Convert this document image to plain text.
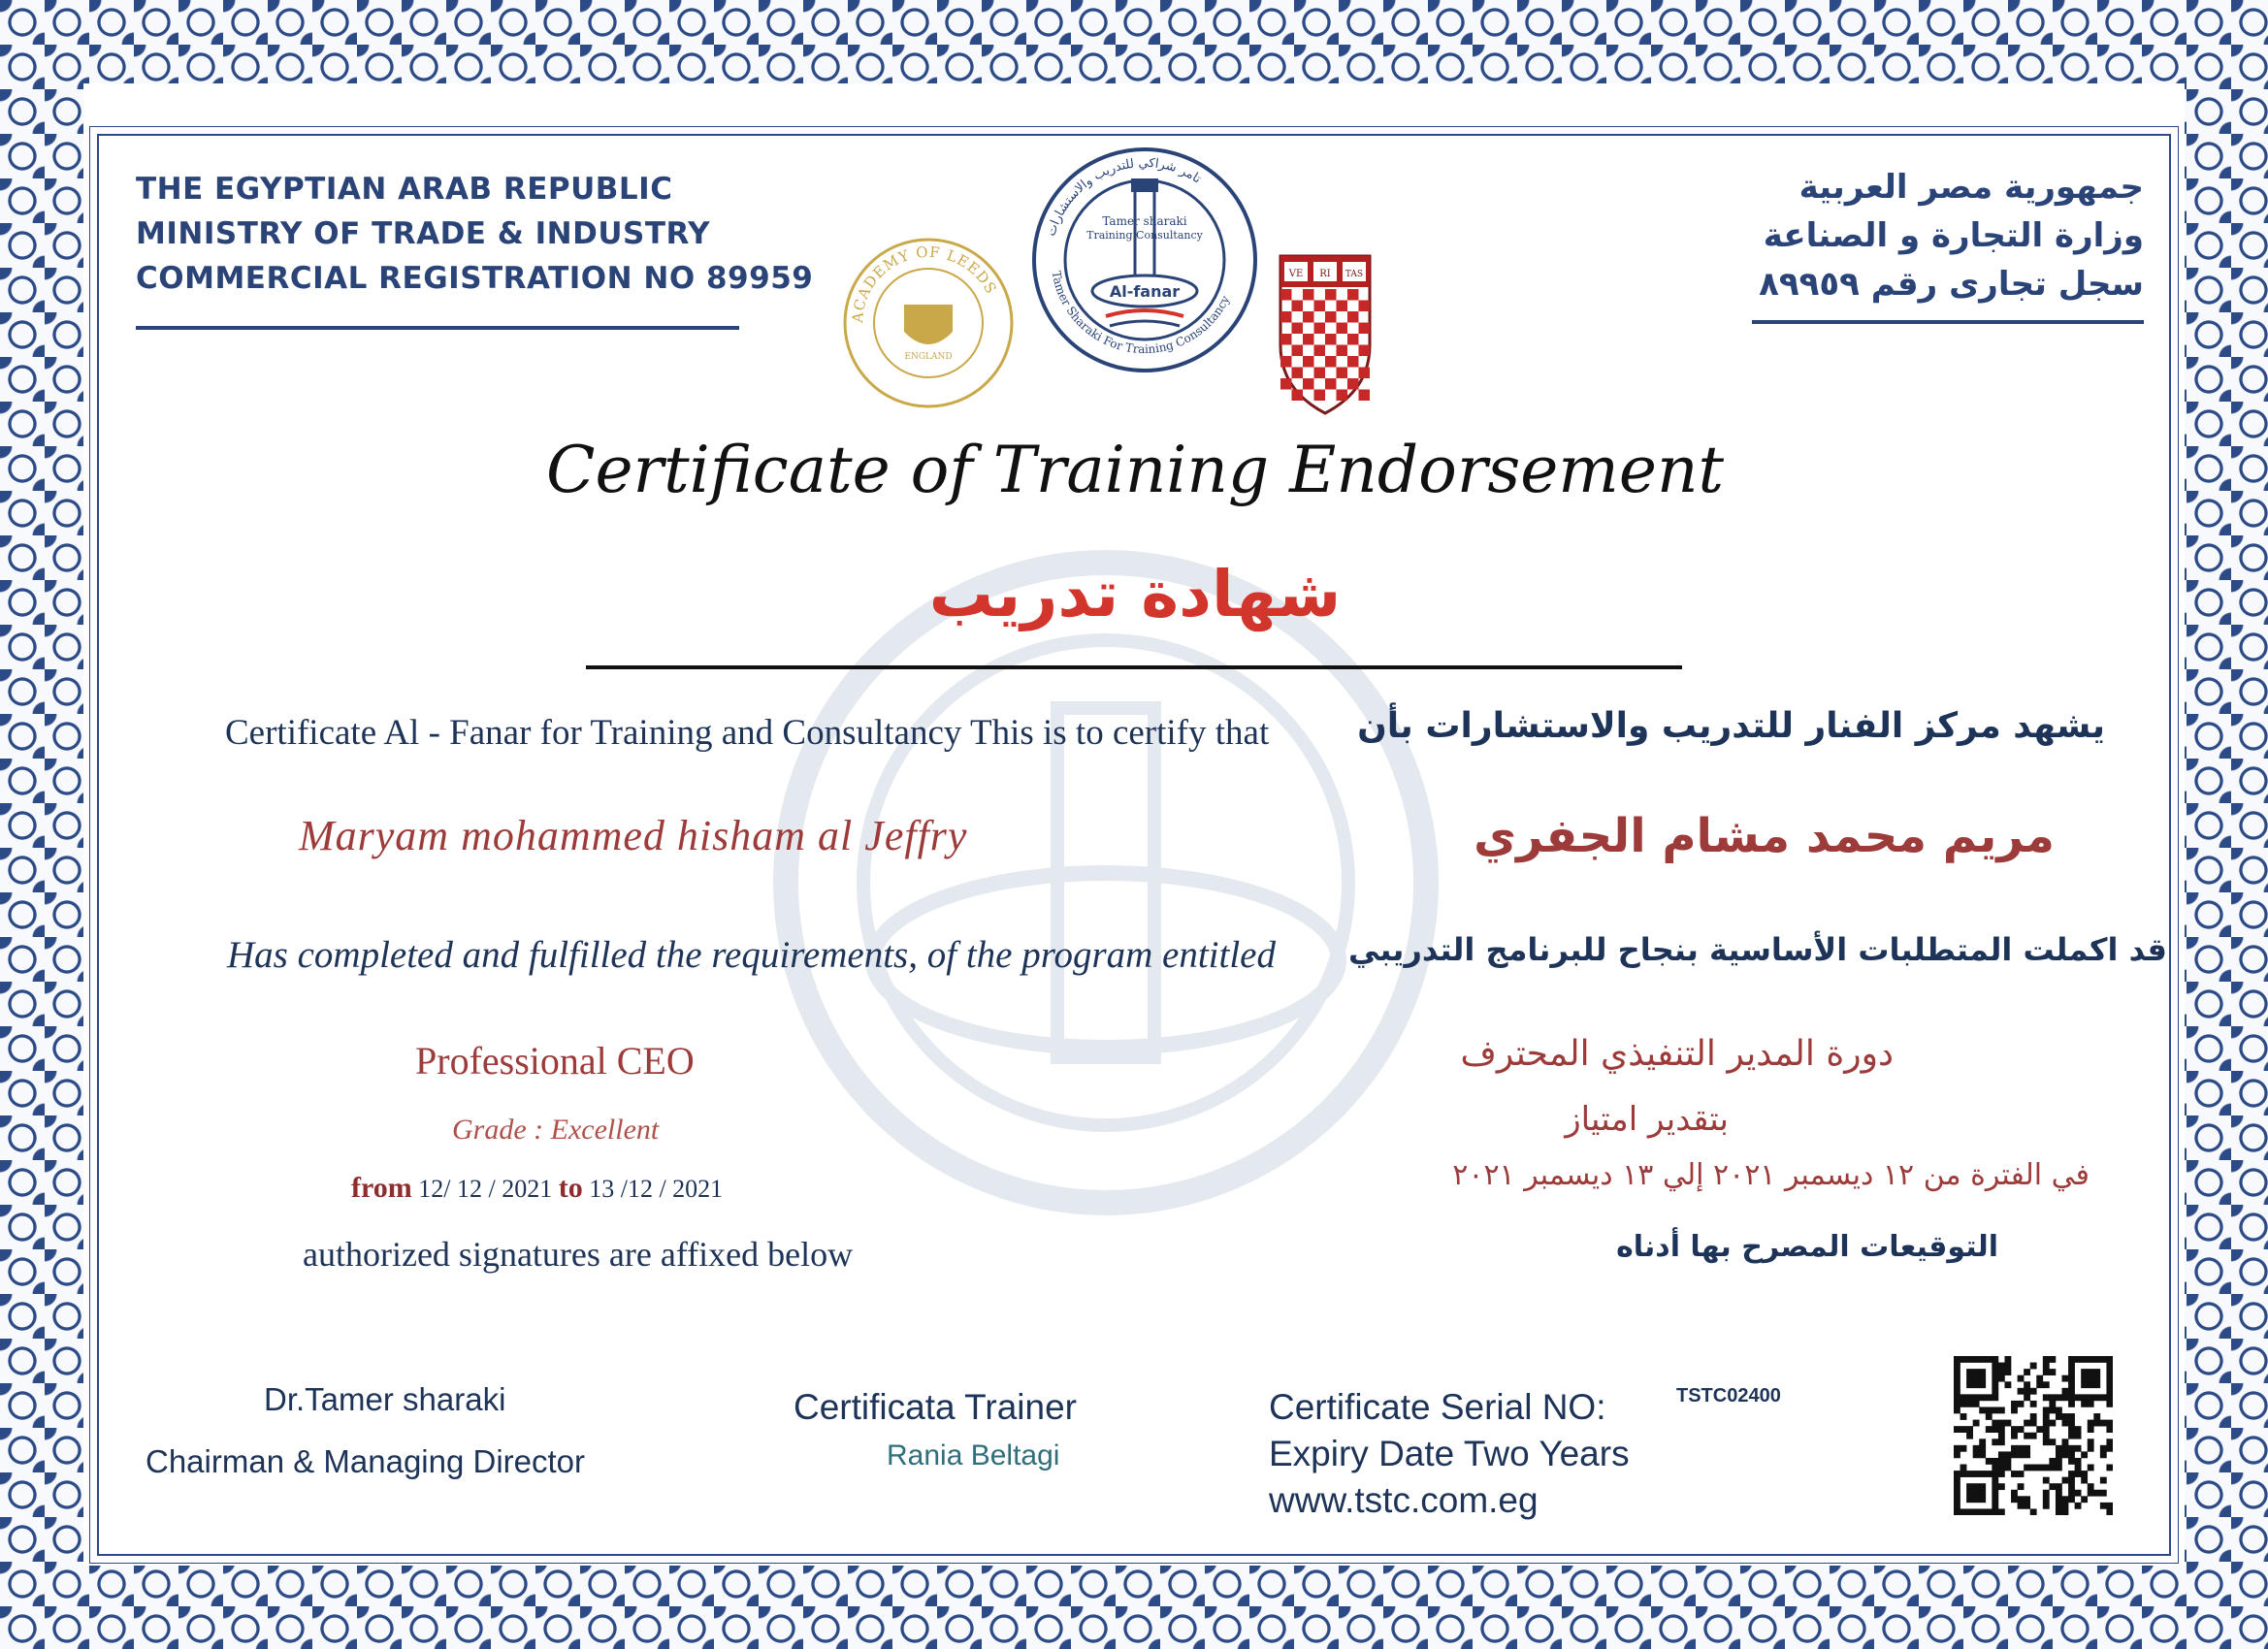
THE EGYPTIAN ARAB REPUBLIC
MINISTRY OF TRADE & INDUSTRY
COMMERCIAL REGISTRATION NO 89959
جمهورية مصر العربية
وزارة التجارة و الصناعة
سجل تجارى رقم ٨٩٩٥٩
ACADEMY OF LEEDS
ENGLAND
تامر شراكي للتدريب والاستشارات
Tamer Sharaki For Training Consultancy
Tamer sharaki
Training Consultancy
Al-fanar
VE RI TAS
Certificate of Training Endorsement
شهادة تدريب
Certificate Al - Fanar for Training and Consultancy This is to certify that
Maryam mohammed hisham al Jeffry
Has completed and fulfilled the requirements, of the program entitled
Professional CEO
Grade : Excellent
from 12/ 12 / 2021 to 13 /12 / 2021
authorized signatures are affixed below
يشهد مركز الفنار للتدريب والاستشارات بأن
مريم محمد مشام الجفري
قد اكملت المتطلبات الأساسية بنجاح للبرنامج التدريبي
دورة المدير التنفيذي المحترف
بتقدير امتياز
في الفترة من ١٢ ديسمبر ٢٠٢١ إلي ١٣ ديسمبر ٢٠٢١
التوقيعات المصرح بها أدناه
Dr.Tamer sharaki
Chairman & Managing Director
Certificata Trainer
Rania Beltagi
Certificate Serial NO:	TSTC02400
Expiry Date Two Years
www.tstc.com.eg
